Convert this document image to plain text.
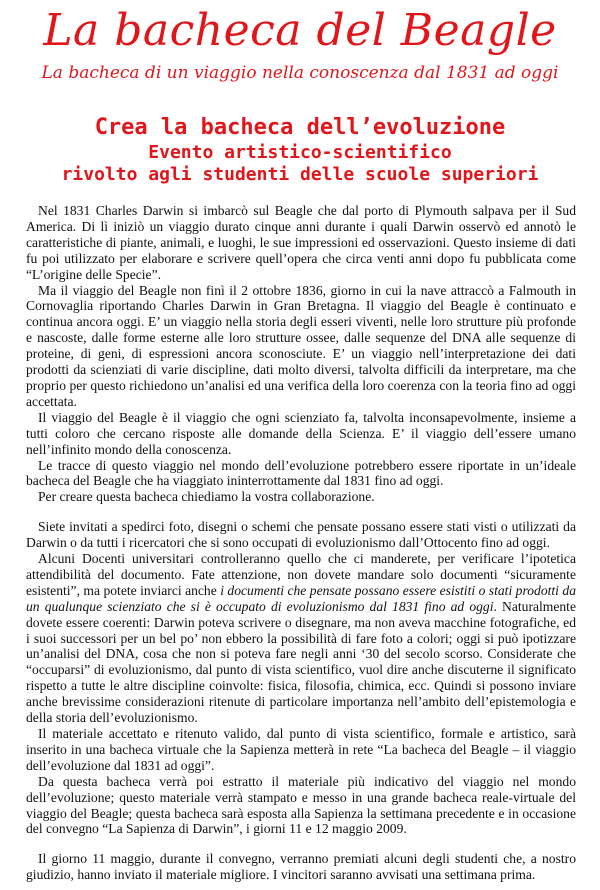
La bacheca del Beagle
La bacheca di un viaggio nella conoscenza dal 1831 ad oggi
Crea la bacheca dell’evoluzione
Evento artistico-scientifico
rivolto agli studenti delle scuole superiori

Nel 1831 Charles Darwin si imbarcò sul Beagle che dal porto di Plymouth salpava per il Sud America. Di lì iniziò un viaggio durato cinque anni durante i quali Darwin osservò ed annotò le caratteristiche di piante, animali, e luoghi, le sue impressioni ed osservazioni. Questo insieme di dati fu poi utilizzato per elaborare e scrivere quell’opera che circa venti anni dopo fu pubblicata come “L’origine delle Specie”.

Ma il viaggio del Beagle non finì il 2 ottobre 1836, giorno in cui la nave attraccò a Falmouth in Cornovaglia riportando Charles Darwin in Gran Bretagna. Il viaggio del Beagle è continuato e continua ancora oggi. E’ un viaggio nella storia degli esseri viventi, nelle loro strutture più profonde e nascoste, dalle forme esterne alle loro strutture ossee, dalle sequenze del DNA alle sequenze di proteine, di geni, di espressioni ancora sconosciute. E’ un viaggio nell’interpretazione dei dati prodotti da scienziati di varie discipline, dati molto diversi, talvolta difficili da interpretare, ma che proprio per questo richiedono un’analisi ed una verifica della loro coerenza con la teoria fino ad oggi accettata.

Il viaggio del Beagle è il viaggio che ogni scienziato fa, talvolta inconsapevolmente, insieme a tutti coloro che cercano risposte alle domande della Scienza. E’ il viaggio dell’essere umano nell’infinito mondo della conoscenza.

Le tracce di questo viaggio nel mondo dell’evoluzione potrebbero essere riportate in un’ideale bacheca del Beagle che ha viaggiato ininterrottamente dal 1831 fino ad oggi.

Per creare questa bacheca chiediamo la vostra collaborazione.

Siete invitati a spedirci foto, disegni o schemi che pensate possano essere stati visti o utilizzati da Darwin o da tutti i ricercatori che si sono occupati di evoluzionismo dall’Ottocento fino ad oggi.

Alcuni Docenti universitari controlleranno quello che ci manderete, per verificare l’ipotetica attendibilità del documento. Fate attenzione, non dovete mandare solo documenti “sicuramente esistenti”, ma potete inviarci anche i documenti che pensate possano essere esistiti o stati prodotti da un qualunque scienziato che si è occupato di evoluzionismo dal 1831 fino ad oggi. Naturalmente dovete essere coerenti: Darwin poteva scrivere o disegnare, ma non aveva macchine fotografiche, ed i suoi successori per un bel po’ non ebbero la possibilità di fare foto a colori; oggi si può ipotizzare un’analisi del DNA, cosa che non si poteva fare negli anni ‘30 del secolo scorso. Considerate che “occuparsi” di evoluzionismo, dal punto di vista scientifico, vuol dire anche discuterne il significato rispetto a tutte le altre discipline coinvolte: fisica, filosofia, chimica, ecc. Quindi si possono inviare anche brevissime considerazioni ritenute di particolare importanza nell’ambito dell’epistemologia e della storia dell’evoluzionismo.

Il materiale accettato e ritenuto valido, dal punto di vista scientifico, formale e artistico, sarà inserito in una bacheca virtuale che la Sapienza metterà in rete “La bacheca del Beagle – il viaggio dell’evoluzione dal 1831 ad oggi”.

Da questa bacheca verrà poi estratto il materiale più indicativo del viaggio nel mondo dell’evoluzione; questo materiale verrà stampato e messo in una grande bacheca reale-virtuale del viaggio del Beagle; questa bacheca sarà esposta alla Sapienza la settimana precedente e in occasione del convegno “La Sapienza di Darwin”, i giorni 11 e 12 maggio 2009.

Il giorno 11 maggio, durante il convegno, verranno premiati alcuni degli studenti che, a nostro giudizio, hanno inviato il materiale migliore. I vincitori saranno avvisati una settimana prima.
